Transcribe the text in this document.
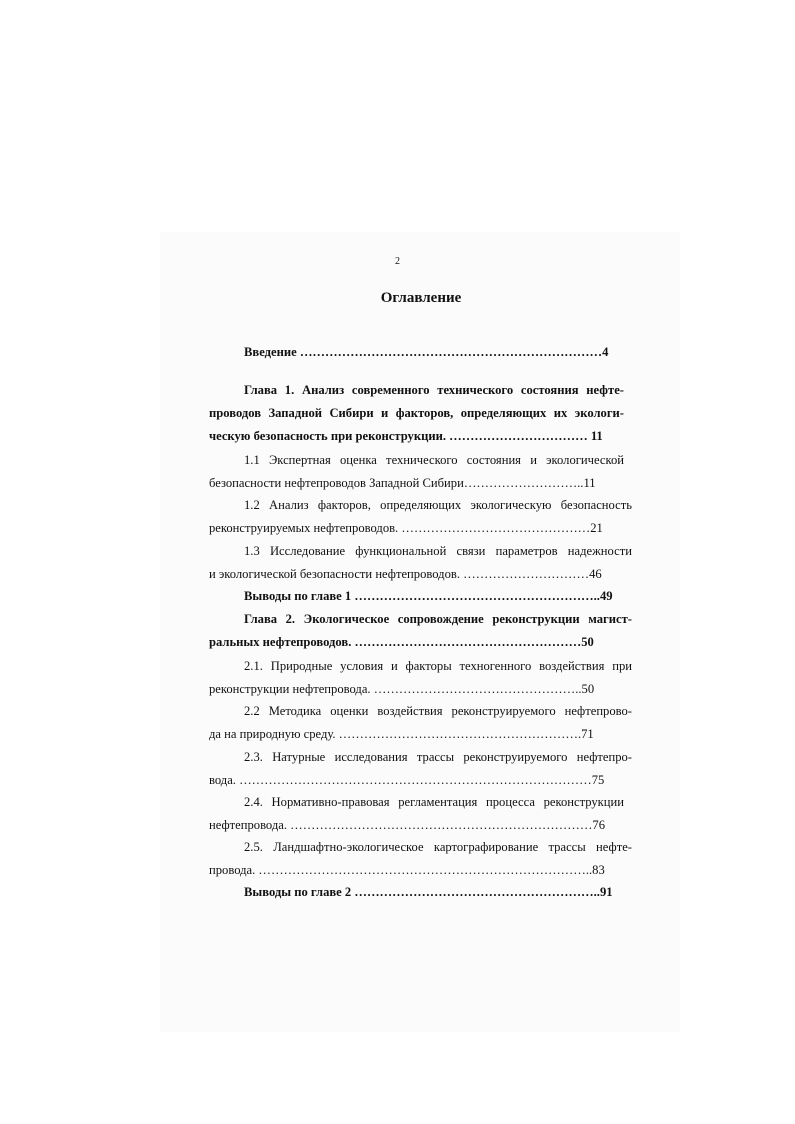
2
Оглавление
Введение ………………………………………………………………4
Глава 1. Анализ современного технического состояния нефте-
проводов Западной Сибири и факторов, определяющих их экологи-
ческую безопасность при реконструкции. …………………………… 11
1.1 Экспертная оценка технического состояния и экологической
безопасности нефтепроводов Западной Сибири………………………..11
1.2 Анализ факторов, определяющих экологическую безопасность
реконструируемых нефтепроводов. ………………………………………21
1.3 Исследование функциональной связи параметров надежности
и экологической безопасности нефтепроводов. …………………………46
Выводы по главе 1 …………………………………………………..49
Глава 2. Экологическое сопровождение реконструкции магист-
ральных нефтепроводов. ………………………………………………50
2.1. Природные условия и факторы техногенного воздействия при
реконструкции нефтепровода. …………………………………………..50
2.2 Методика оценки воздействия реконструируемого нефтепрово-
да на природную среду. ………………………………………………….71
2.3. Натурные исследования трассы реконструируемого нефтепро-
вода. …………………………………………………………………………75
2.4. Нормативно-правовая регламентация процесса реконструкции
нефтепровода. ………………………………………………………………76
2.5. Ландшафтно-экологическое картографирование трассы нефте-
провода. ……………………………………………………………………..83
Выводы по главе 2 …………………………………………………..91
